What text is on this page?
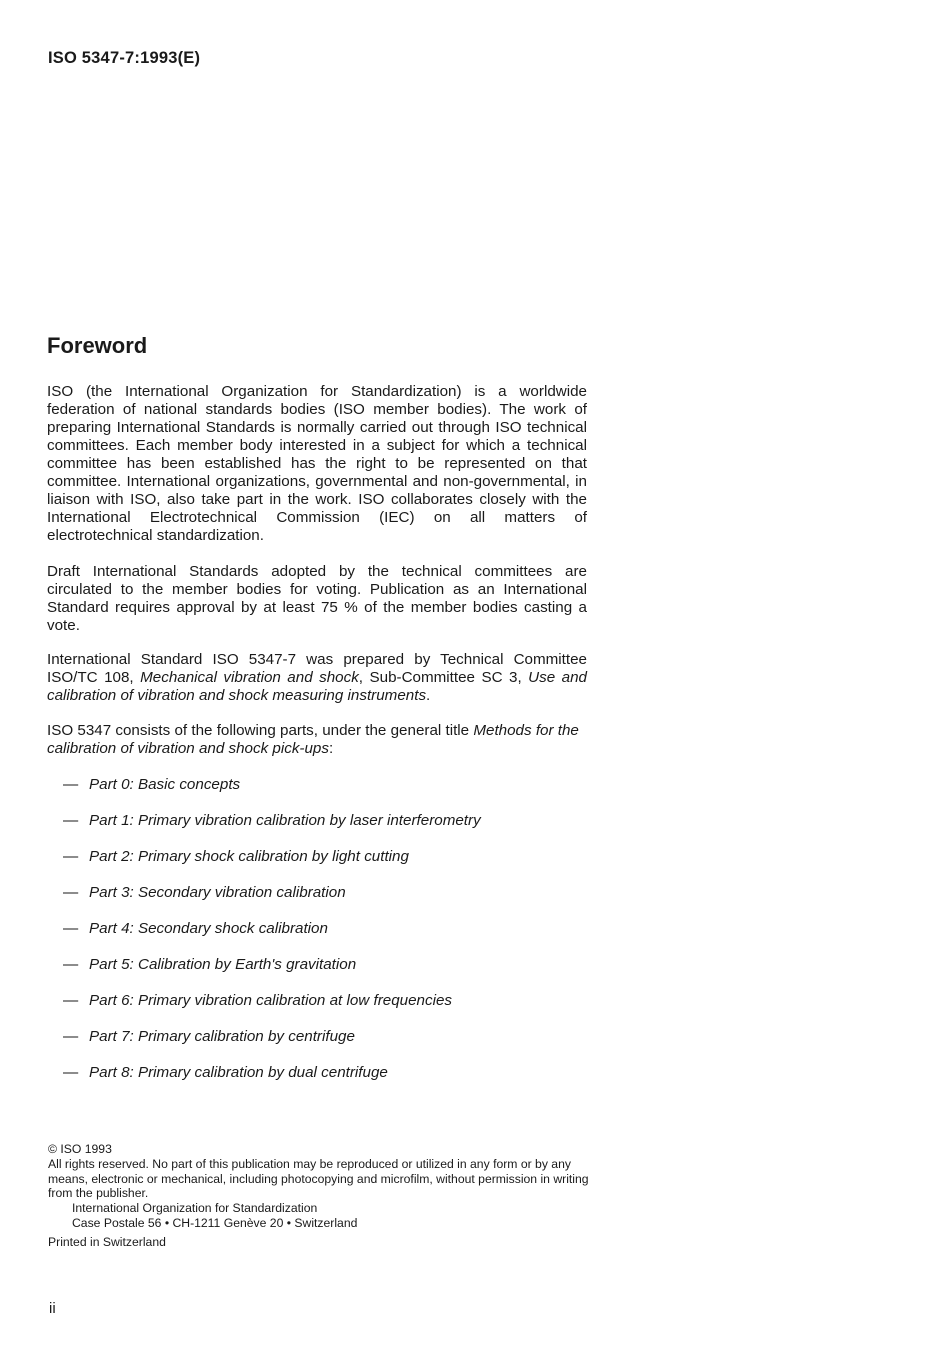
ISO 5347-7:1993(E)
Foreword

ISO (the International Organization for Standardization) is a worldwide federation of national standards bodies (ISO member bodies). The work of preparing International Standards is normally carried out through ISO technical committees. Each member body interested in a subject for which a technical committee has been established has the right to be represented on that committee. International organizations, governmental and non-governmental, in liaison with ISO, also take part in the work. ISO collaborates closely with the International Electrotechnical Commission (IEC) on all matters of electrotechnical standardization.

Draft International Standards adopted by the technical committees are circulated to the member bodies for voting. Publication as an International Standard requires approval by at least 75 % of the member bodies casting a vote.

International Standard ISO 5347-7 was prepared by Technical Committee ISO/TC 108, Mechanical vibration and shock, Sub-Committee SC 3, Use and calibration of vibration and shock measuring instruments.

ISO 5347 consists of the following parts, under the general title Methods for the calibration of vibration and shock pick-ups:

— Part 0: Basic concepts
— Part 1: Primary vibration calibration by laser interferometry
— Part 2: Primary shock calibration by light cutting
— Part 3: Secondary vibration calibration
— Part 4: Secondary shock calibration
— Part 5: Calibration by Earth's gravitation
— Part 6: Primary vibration calibration at low frequencies
— Part 7: Primary calibration by centrifuge
— Part 8: Primary calibration by dual centrifuge

© ISO 1993

All rights reserved. No part of this publication may be reproduced or utilized in any form or by any means, electronic or mechanical, including photocopying and microfilm, without permission in writing from the publisher.

International Organization for Standardization

Case Postale 56 • CH-1211 Genève 20 • Switzerland

Printed in Switzerland

ii
